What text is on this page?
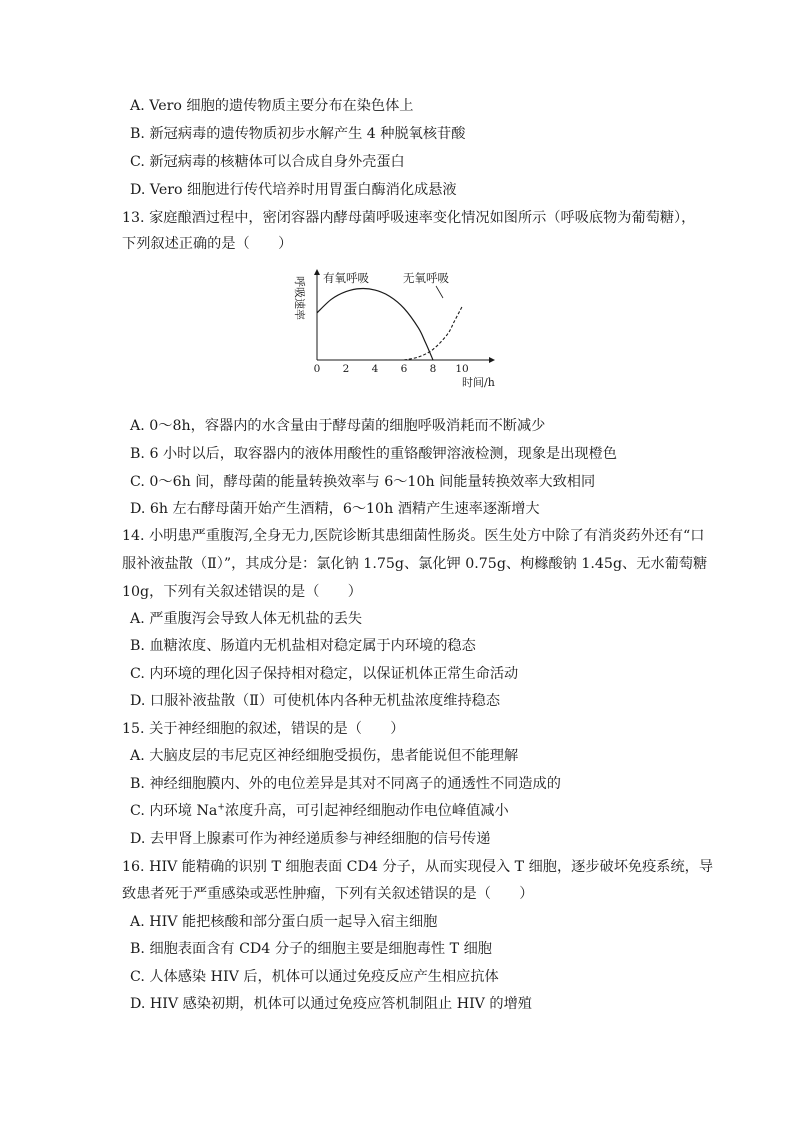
A. Vero 细胞的遗传物质主要分布在染色体上
B. 新冠病毒的遗传物质初步水解产生 4 种脱氧核苷酸
C. 新冠病毒的核糖体可以合成自身外壳蛋白
D. Vero 细胞进行传代培养时用胃蛋白酶消化成悬液
13. 家庭酿酒过程中，密闭容器内酵母菌呼吸速率变化情况如图所示（呼吸底物为葡萄糖），
下列叙述正确的是（　　）
呼吸速率
0 2 4 6 8 10
时间/h
有氧呼吸	无氧呼吸
A. 0～8h，容器内的水含量由于酵母菌的细胞呼吸消耗而不断减少
B. 6 小时以后，取容器内的液体用酸性的重铬酸钾溶液检测，现象是出现橙色
C. 0～6h 间，酵母菌的能量转换效率与 6～10h 间能量转换效率大致相同
D. 6h 左右酵母菌开始产生酒精，6～10h 酒精产生速率逐渐增大
14. 小明患严重腹泻,全身无力,医院诊断其患细菌性肠炎。医生处方中除了有消炎药外还有“口
服补液盐散（Ⅱ）”，其成分是：氯化钠 1.75g、氯化钾 0.75g、枸橼酸钠 1.45g、无水葡萄糖
10g，下列有关叙述错误的是（　　）
A. 严重腹泻会导致人体无机盐的丢失
B. 血糖浓度、肠道内无机盐相对稳定属于内环境的稳态
C. 内环境的理化因子保持相对稳定，以保证机体正常生命活动
D. 口服补液盐散（Ⅱ）可使机体内各种无机盐浓度维持稳态
15. 关于神经细胞的叙述，错误的是（　　）
A. 大脑皮层的韦尼克区神经细胞受损伤，患者能说但不能理解
B. 神经细胞膜内、外的电位差异是其对不同离子的通透性不同造成的
C. 内环境 Na+浓度升高，可引起神经细胞动作电位峰值减小
D. 去甲肾上腺素可作为神经递质参与神经细胞的信号传递
16. HIV 能精确的识别 T 细胞表面 CD4 分子，从而实现侵入 T 细胞，逐步破坏免疫系统，导
致患者死于严重感染或恶性肿瘤，下列有关叙述错误的是（　　）
A. HIV 能把核酸和部分蛋白质一起导入宿主细胞
B. 细胞表面含有 CD4 分子的细胞主要是细胞毒性 T 细胞
C. 人体感染 HIV 后，机体可以通过免疫反应产生相应抗体
D. HIV 感染初期，机体可以通过免疫应答机制阻止 HIV 的增殖
